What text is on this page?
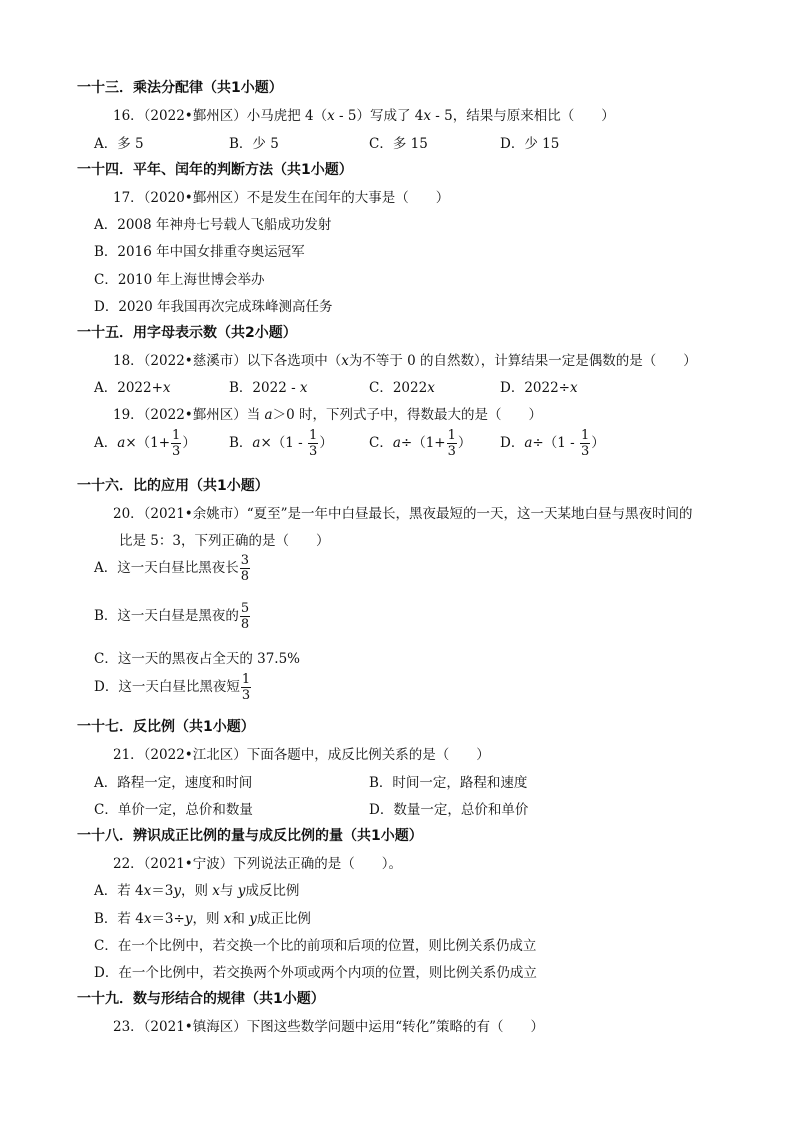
一十三．乘法分配律（共1小题）
16．（2022•鄞州区）小马虎把 4（x - 5）写成了 4x - 5，结果与原来相比（　　）
A．多 5	B．少 5	C．多 15	D．少 15
一十四．平年、闰年的判断方法（共1小题）
17．（2020•鄞州区）不是发生在闰年的大事是（　　）
A．2008 年神舟七号载人飞船成功发射
B．2016 年中国女排重夺奥运冠军
C．2010 年上海世博会举办
D．2020 年我国再次完成珠峰测高任务
一十五．用字母表示数（共2小题）
18．（2022•慈溪市）以下各选项中（x为不等于 0 的自然数），计算结果一定是偶数的是（　　）
A．2022+x	B．2022 - x	C．2022x	D．2022÷x
19．（2022•鄞州区）当 a＞0 时，下列式子中，得数最大的是（　　）
A．$a\times(1+ \frac{1}{3}$ ） B．$a\times(1 - \frac{1}{3}$ ）	C．$a\div(1+ \frac{1}{3}$ ） D．$a\div(1 - \frac{1}{3}$ ）
一十六．比的应用（共1小题）
20．（2021•余姚市）“夏至”是一年中白昼最长，黑夜最短的一天，这一天某地白昼与黑夜时间的
比是 5：3，下列正确的是（　　）
A．这一天白昼比黑夜长 $\frac{3}{8}$
B．这一天白昼是黑夜的 $\frac{5}{8}$
C．这一天的黑夜占全天的 37.5%
D．这一天白昼比黑夜短 $\frac{1}{3}$
一十七．反比例（共1小题）
21．（2022•江北区）下面各题中，成反比例关系的是（　　）
A．路程一定，速度和时间	B．时间一定，路程和速度
C．单价一定，总价和数量	D．数量一定，总价和单价
一十八．辨识成正比例的量与成反比例的量（共1小题）
22．（2021•宁波）下列说法正确的是（　　）。
A．若 4x＝3y，则 x与 y成反比例
B．若 4x＝3÷y，则 x和 y成正比例
C．在一个比例中，若交换一个比的前项和后项的位置，则比例关系仍成立
D．在一个比例中，若交换两个外项或两个内项的位置，则比例关系仍成立
一十九．数与形结合的规律（共1小题）
23．（2021•镇海区）下图这些数学问题中运用“转化”策略的有（　　）
